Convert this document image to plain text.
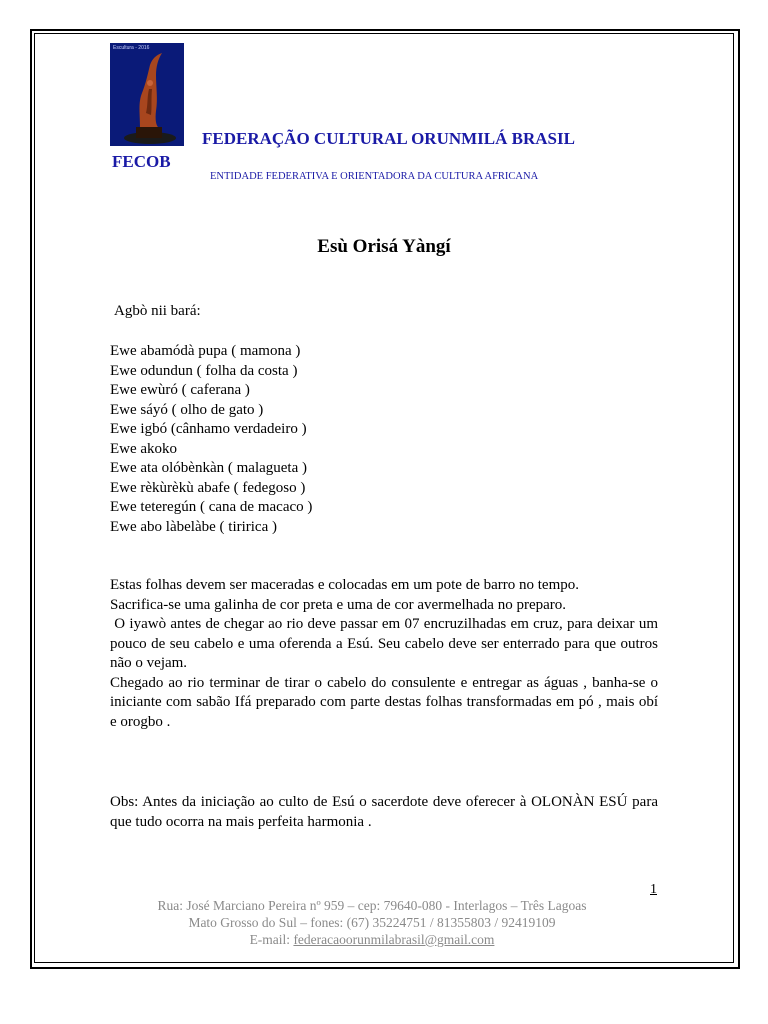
Escultura - 2016
FEDERAÇÃO CULTURAL ORUNMILÁ BRASIL
FECOB
ENTIDADE FEDERATIVA E ORIENTADORA DA CULTURA AFRICANA
Esù Orisá Yàngí
Agbò nii bará:
Ewe abamódà pupa ( mamona )
Ewe odundun ( folha da costa )
Ewe ewùró ( caferana )
Ewe sáyó ( olho de gato )
Ewe igbó (cânhamo verdadeiro )
Ewe akoko
Ewe ata olóbènkàn ( malagueta )
Ewe rèkùrèkù abafe ( fedegoso )
Ewe teteregún ( cana de macaco )
Ewe abo làbelàbe ( tiririca )
Estas folhas devem ser maceradas e colocadas em um pote de barro no tempo.
Sacrifica-se uma galinha de cor preta e uma de cor avermelhada no preparo.
O iyawò antes de chegar ao rio deve passar em 07 encruzilhadas em cruz, para deixar um pouco de seu cabelo e uma oferenda a Esú. Seu cabelo deve ser enterrado para que outros não o vejam.
Chegado ao rio terminar de tirar o cabelo do consulente e entregar as águas , banha-se o iniciante com sabão Ifá preparado com parte destas folhas transformadas em pó , mais obí e orogbo .

Obs: Antes da iniciação ao culto de Esú o sacerdote deve oferecer à OLONÀN ESÚ para que tudo ocorra na mais perfeita harmonia .

1
Rua: José Marciano Pereira nº 959 – cep: 79640-080 - Interlagos – Três Lagoas
Mato Grosso do Sul – fones: (67) 35224751 / 81355803 / 92419109
E-mail: federacaoorunmilabrasil@gmail.com
